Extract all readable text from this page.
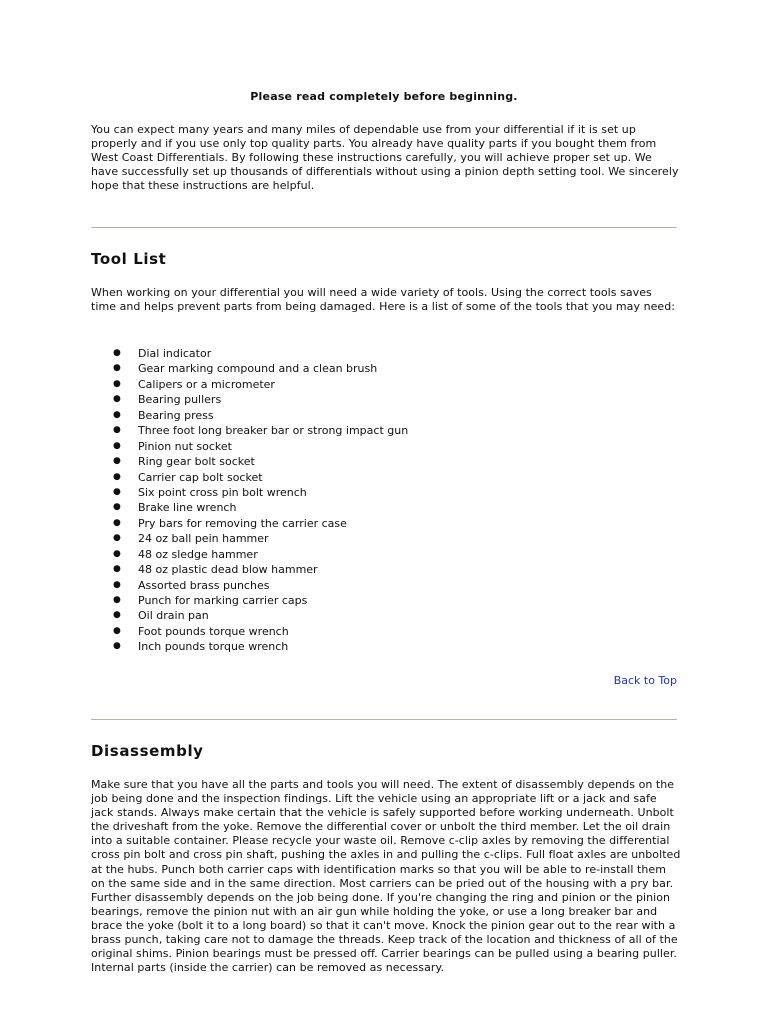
Please read completely before beginning.

You can expect many years and many miles of dependable use from your differential if it is set up properly and if you use only top quality parts. You already have quality parts if you bought them from West Coast Differentials. By following these instructions carefully, you will achieve proper set up. We have successfully set up thousands of differentials without using a pinion depth setting tool. We sincerely hope that these instructions are helpful.

Tool List

When working on your differential you will need a wide variety of tools. Using the correct tools saves time and helps prevent parts from being damaged. Here is a list of some of the tools that you may need:

● Dial indicator
● Gear marking compound and a clean brush
● Calipers or a micrometer
● Bearing pullers
● Bearing press
● Three foot long breaker bar or strong impact gun
● Pinion nut socket
● Ring gear bolt socket
● Carrier cap bolt socket
● Six point cross pin bolt wrench
● Brake line wrench
● Pry bars for removing the carrier case
● 24 oz ball pein hammer
● 48 oz sledge hammer
● 48 oz plastic dead blow hammer
● Assorted brass punches
● Punch for marking carrier caps
● Oil drain pan
● Foot pounds torque wrench
● Inch pounds torque wrench
Back to Top
Disassembly

Make sure that you have all the parts and tools you will need. The extent of disassembly depends on the job being done and the inspection findings. Lift the vehicle using an appropriate lift or a jack and safe jack stands. Always make certain that the vehicle is safely supported before working underneath. Unbolt the driveshaft from the yoke. Remove the differential cover or unbolt the third member. Let the oil drain into a suitable container. Please recycle your waste oil. Remove c-clip axles by removing the differential cross pin bolt and cross pin shaft, pushing the axles in and pulling the c-clips. Full float axles are unbolted at the hubs. Punch both carrier caps with identification marks so that you will be able to re-install them on the same side and in the same direction. Most carriers can be pried out of the housing with a pry bar. Further disassembly depends on the job being done. If you're changing the ring and pinion or the pinion bearings, remove the pinion nut with an air gun while holding the yoke, or use a long breaker bar and brace the yoke (bolt it to a long board) so that it can't move. Knock the pinion gear out to the rear with a brass punch, taking care not to damage the threads. Keep track of the location and thickness of all of the original shims. Pinion bearings must be pressed off. Carrier bearings can be pulled using a bearing puller. Internal parts (inside the carrier) can be removed as necessary.
